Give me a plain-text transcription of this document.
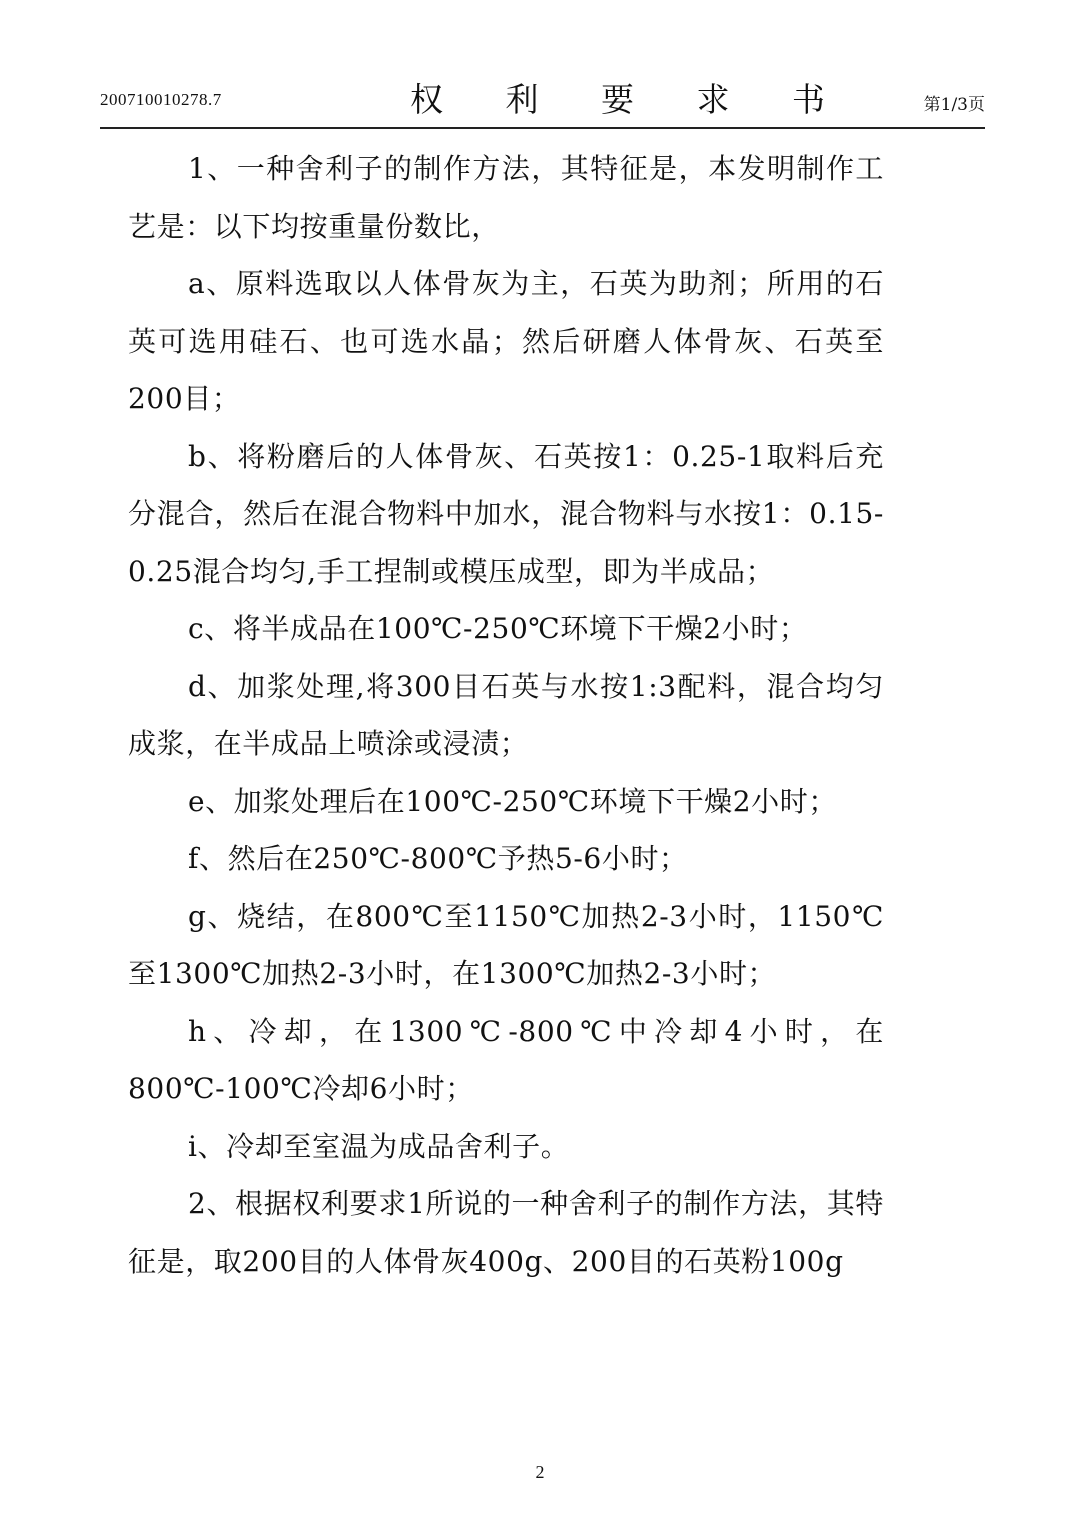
200710010278.7	权 利 要 求 书	第1/3页

1、一种舍利子的制作方法，其特征是，本发明制作工艺是：以下均按重量份数比，

a、原料选取以人体骨灰为主，石英为助剂；所用的石英可选用硅石、也可选水晶；然后研磨人体骨灰、石英至200目；

b、将粉磨后的人体骨灰、石英按1：0.25-1取料后充分混合，然后在混合物料中加水，混合物料与水按1：0.15-0.25混合均匀,手工捏制或模压成型，即为半成品；

c、将半成品在100℃-250℃环境下干燥2小时；

d、加浆处理,将300目石英与水按1:3配料，混合均匀成浆，在半成品上喷涂或浸渍；

e、加浆处理后在100℃-250℃环境下干燥2小时；

f、然后在250℃-800℃予热5-6小时；

g、烧结，在800℃至1150℃加热2-3小时，1150℃至1300℃加热2-3小时，在1300℃加热2-3小时；

h、冷却，在1300℃-800℃中冷却4小时，在800℃-100℃冷却6小时；

i、冷却至室温为成品舍利子。

2、根据权利要求1所说的一种舍利子的制作方法，其特征是，取200目的人体骨灰400g、200目的石英粉100g

2
